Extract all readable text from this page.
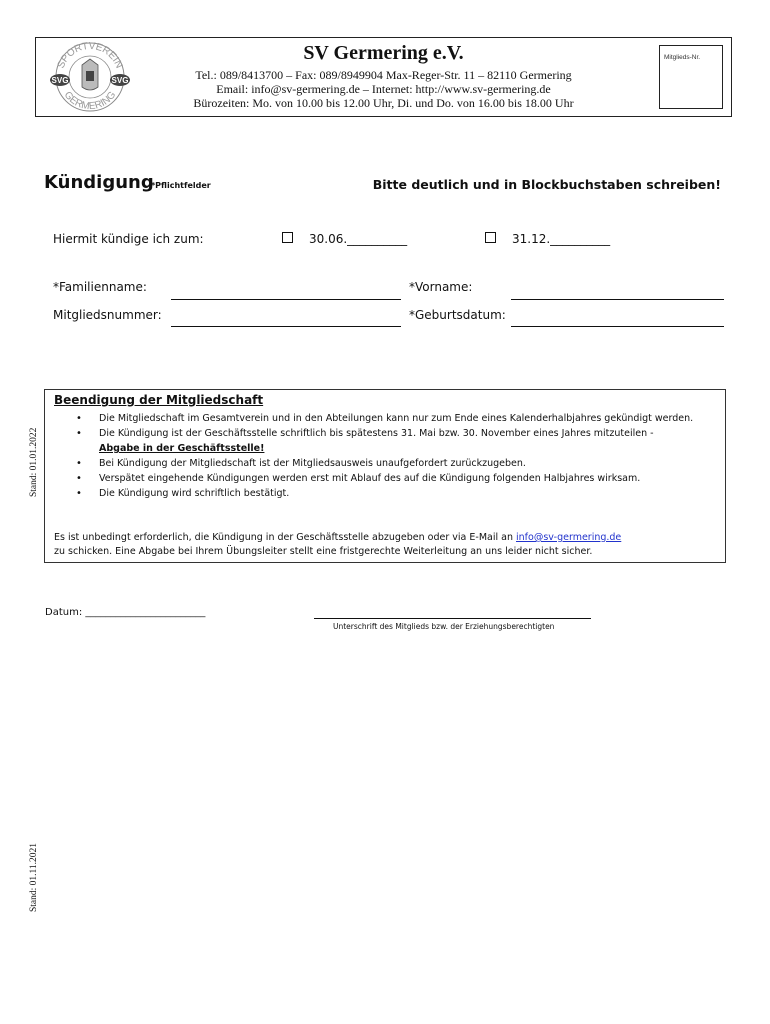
SPORTVEREIN
GERMERING
SVG	SVG
SV Germering e.V.
Tel.: 089/8413700 – Fax: 089/8949904 Max-Reger-Str. 11 – 82110 Germering
Email: info@sv-germering.de – Internet: http://www.sv-germering.de
Bürozeiten: Mo. von 10.00 bis 12.00 Uhr, Di. und Do. von 16.00 bis 18.00 Uhr
Mitglieds-Nr.
Kündigung
*Pflichtfelder	Bitte deutlich und in Blockbuchstaben schreiben!
Hiermit kündige ich zum:	30.06.__________	31.12.__________
*Familienname:	*Vorname:
Mitgliedsnummer:	*Geburtsdatum:
Beendigung der Mitgliedschaft
• Die Mitgliedschaft im Gesamtverein und in den Abteilungen kann nur zum Ende eines Kalenderhalbjahres gekündigt werden.
• Die Kündigung ist der Geschäftsstelle schriftlich bis spätestens 31. Mai bzw. 30. November eines Jahres mitzuteilen -
Abgabe in der Geschäftsstelle!
• Bei Kündigung der Mitgliedschaft ist der Mitgliedsausweis unaufgefordert zurückzugeben.
• Verspätet eingehende Kündigungen werden erst mit Ablauf des auf die Kündigung folgenden Halbjahres wirksam.
• Die Kündigung wird schriftlich bestätigt.
Es ist unbedingt erforderlich, die Kündigung in der Geschäftsstelle abzugeben oder via E-Mail an info@sv-germering.de
zu schicken. Eine Abgabe bei Ihrem Übungsleiter stellt eine fristgerechte Weiterleitung an uns leider nicht sicher.
Stand: 01.01.2022
Stand: 01.11.2021
Datum: ________________________
Unterschrift des Mitglieds bzw. der Erziehungsberechtigten
